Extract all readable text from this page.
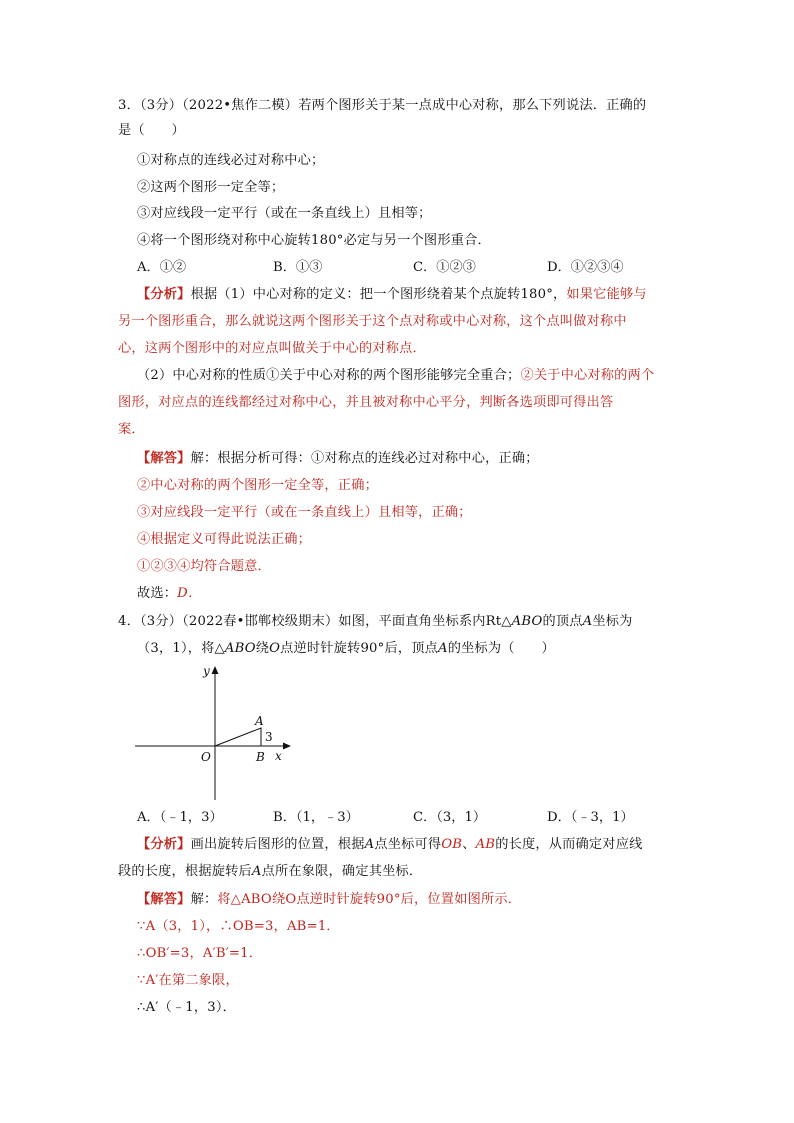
3．（3分）（2022•焦作二模）若两个图形关于某一点成中心对称，那么下列说法．正确的
是（　　）
①对称点的连线必过对称中心；
②这两个图形一定全等；
③对应线段一定平行（或在一条直线上）且相等；
④将一个图形绕对称中心旋转180°必定与另一个图形重合．
A．①②	B．①③	C．①②③	D．①②③④
【分析】根据（1）中心对称的定义：把一个图形绕着某个点旋转180°，如果它能够与
另一个图形重合，那么就说这两个图形关于这个点对称或中心对称，这个点叫做对称中
心，这两个图形中的对应点叫做关于中心的对称点．
（2）中心对称的性质①关于中心对称的两个图形能够完全重合；②关于中心对称的两个
图形，对应点的连线都经过对称中心，并且被对称中心平分，判断各选项即可得出答
案．
【解答】解：根据分析可得：①对称点的连线必过对称中心，正确；
②中心对称的两个图形一定全等，正确；
③对应线段一定平行（或在一条直线上）且相等，正确；
④根据定义可得此说法正确；
①②③④均符合题意．
故选：D．
4．（3分）（2022春•邯郸校级期末）如图，平面直角坐标系内Rt△ABO的顶点A坐标为
（3，1），将△ABO绕O点逆时针旋转90°后，顶点A的坐标为（　　）
y
x
O
A
B
3
A．（﹣1，3）	B．（1，﹣3）	C．（3，1）	D．（﹣3，1）
【分析】画出旋转后图形的位置，根据A点坐标可得OB、AB的长度，从而确定对应线
段的长度，根据旋转后A点所在象限，确定其坐标．
【解答】解：将△ABO绕O点逆时针旋转90°后，位置如图所示．
∵A（3，1），∴OB=3，AB=1．
∴OB′=3，A′B′=1．
∵A′在第二象限，
∴A′（﹣1，3）．
